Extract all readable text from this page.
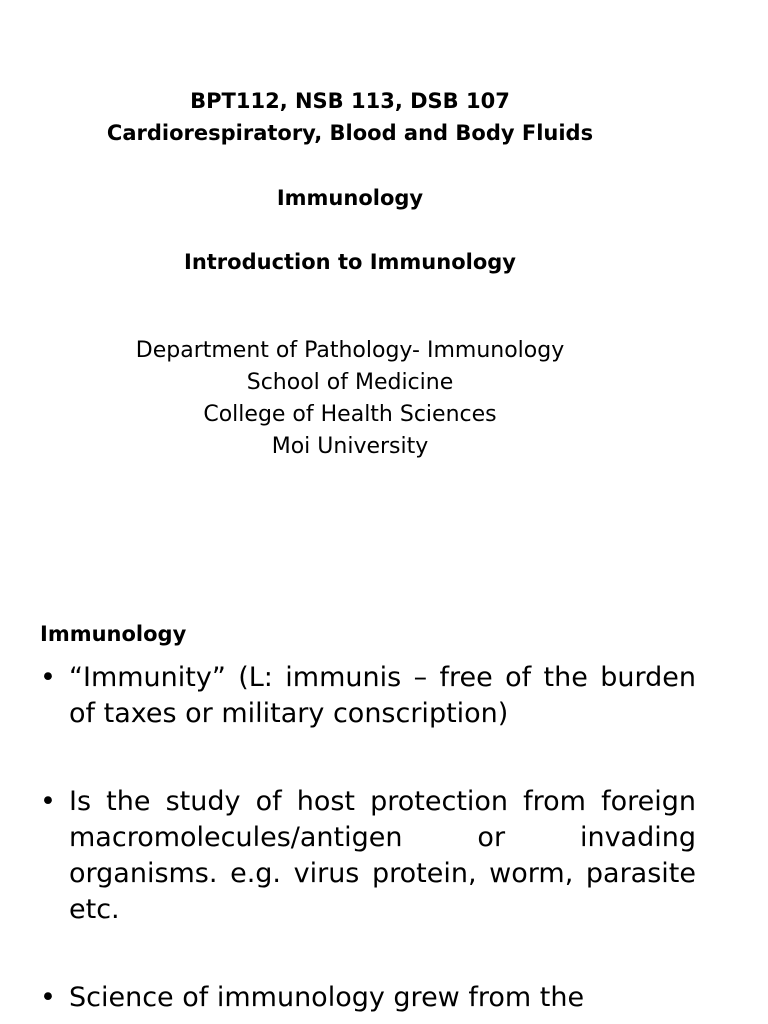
BPT112, NSB 113, DSB 107
Cardiorespiratory, Blood and Body Fluids
Immunology
Introduction to Immunology
Department of Pathology- Immunology
School of Medicine
College of Health Sciences
Moi University
Immunology
• “Immunity” (L: immunis – free of the burden of taxes or military conscription)
• Is the study of host protection from foreign macromolecules/antigen or invading organisms. e.g. virus protein, worm, parasite etc.
• Science of immunology grew from the
